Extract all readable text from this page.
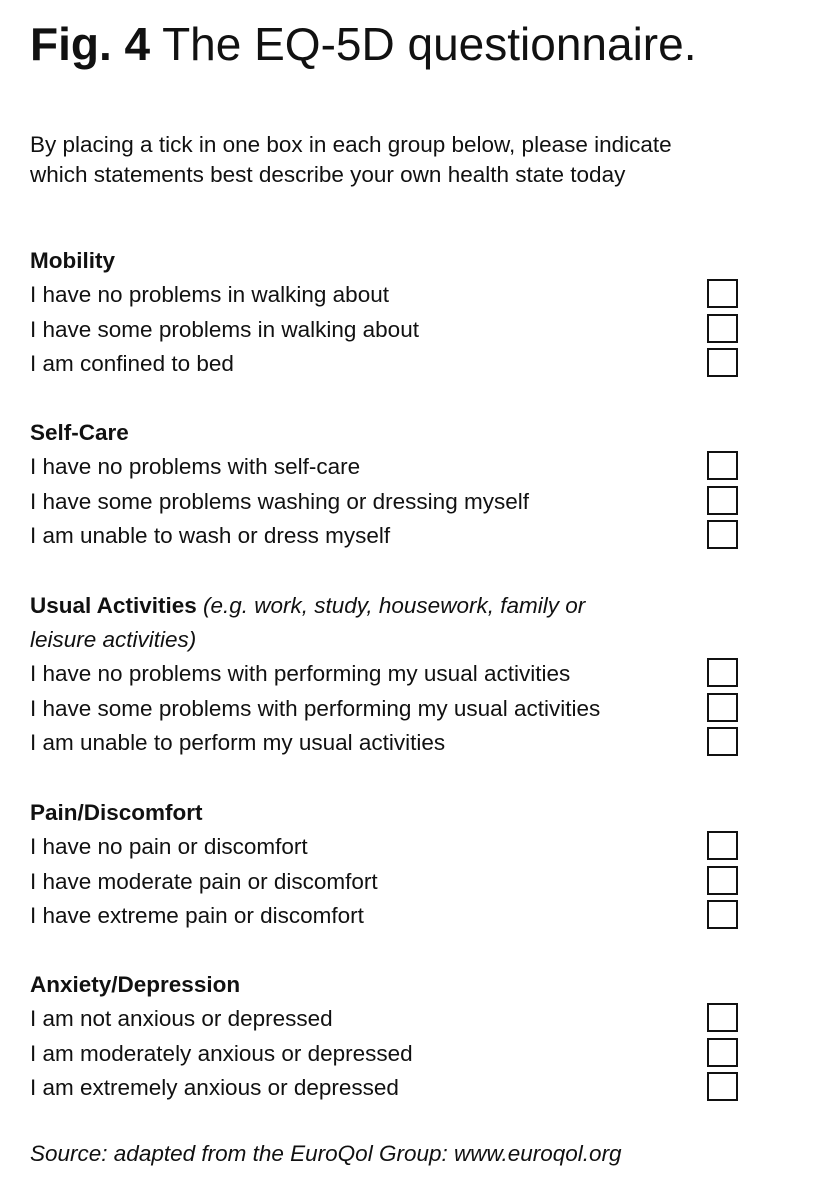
Fig. 4 The EQ-5D questionnaire.
By placing a tick in one box in each group below, please indicate
which statements best describe your own health state today
Mobility
I have no problems in walking about
I have some problems in walking about
I am confined to bed
Self-Care
I have no problems with self-care
I have some problems washing or dressing myself
I am unable to wash or dress myself
Usual Activities (e.g. work, study, housework, family or
leisure activities)
I have no problems with performing my usual activities
I have some problems with performing my usual activities
I am unable to perform my usual activities
Pain/Discomfort
I have no pain or discomfort
I have moderate pain or discomfort
I have extreme pain or discomfort
Anxiety/Depression
I am not anxious or depressed
I am moderately anxious or depressed
I am extremely anxious or depressed
Source: adapted from the EuroQol Group: www.euroqol.org
